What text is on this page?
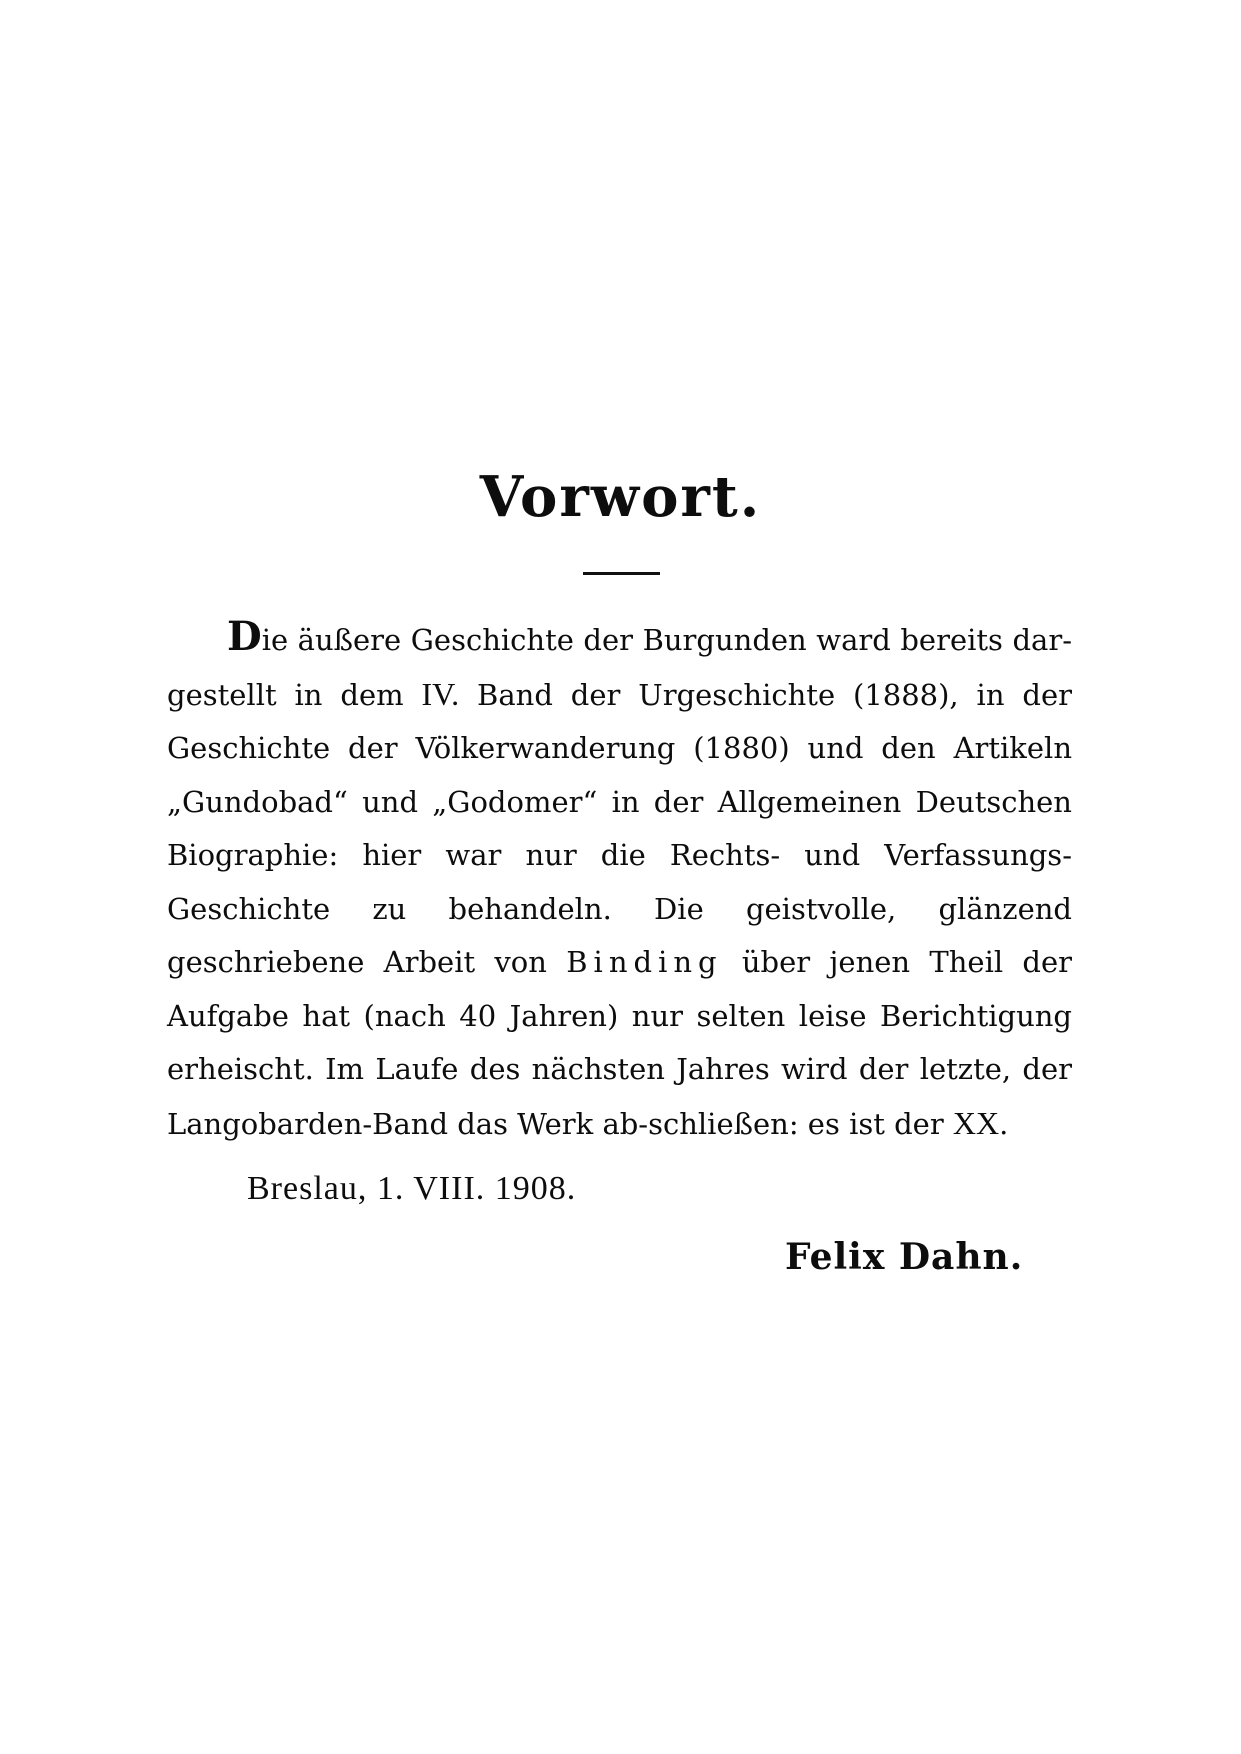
Vorwort.

Die äußere Geschichte der Burgunden ward bereits dar-gestellt in dem IV. Band der Urgeschichte (1888), in der Geschichte der Völkerwanderung (1880) und den Artikeln „Gundobad“ und „Godomer“ in der Allgemeinen Deutschen Biographie: hier war nur die Rechts- und Verfassungs-Geschichte zu behandeln. Die geistvolle, glänzend geschriebene Arbeit von Binding über jenen Theil der Aufgabe hat (nach 40 Jahren) nur selten leise Berichtigung erheischt. Im Laufe des nächsten Jahres wird der letzte, der Langobarden-Band das Werk ab-schließen: es ist der XX.

Breslau, 1. VIII. 1908.
Felix Dahn.
